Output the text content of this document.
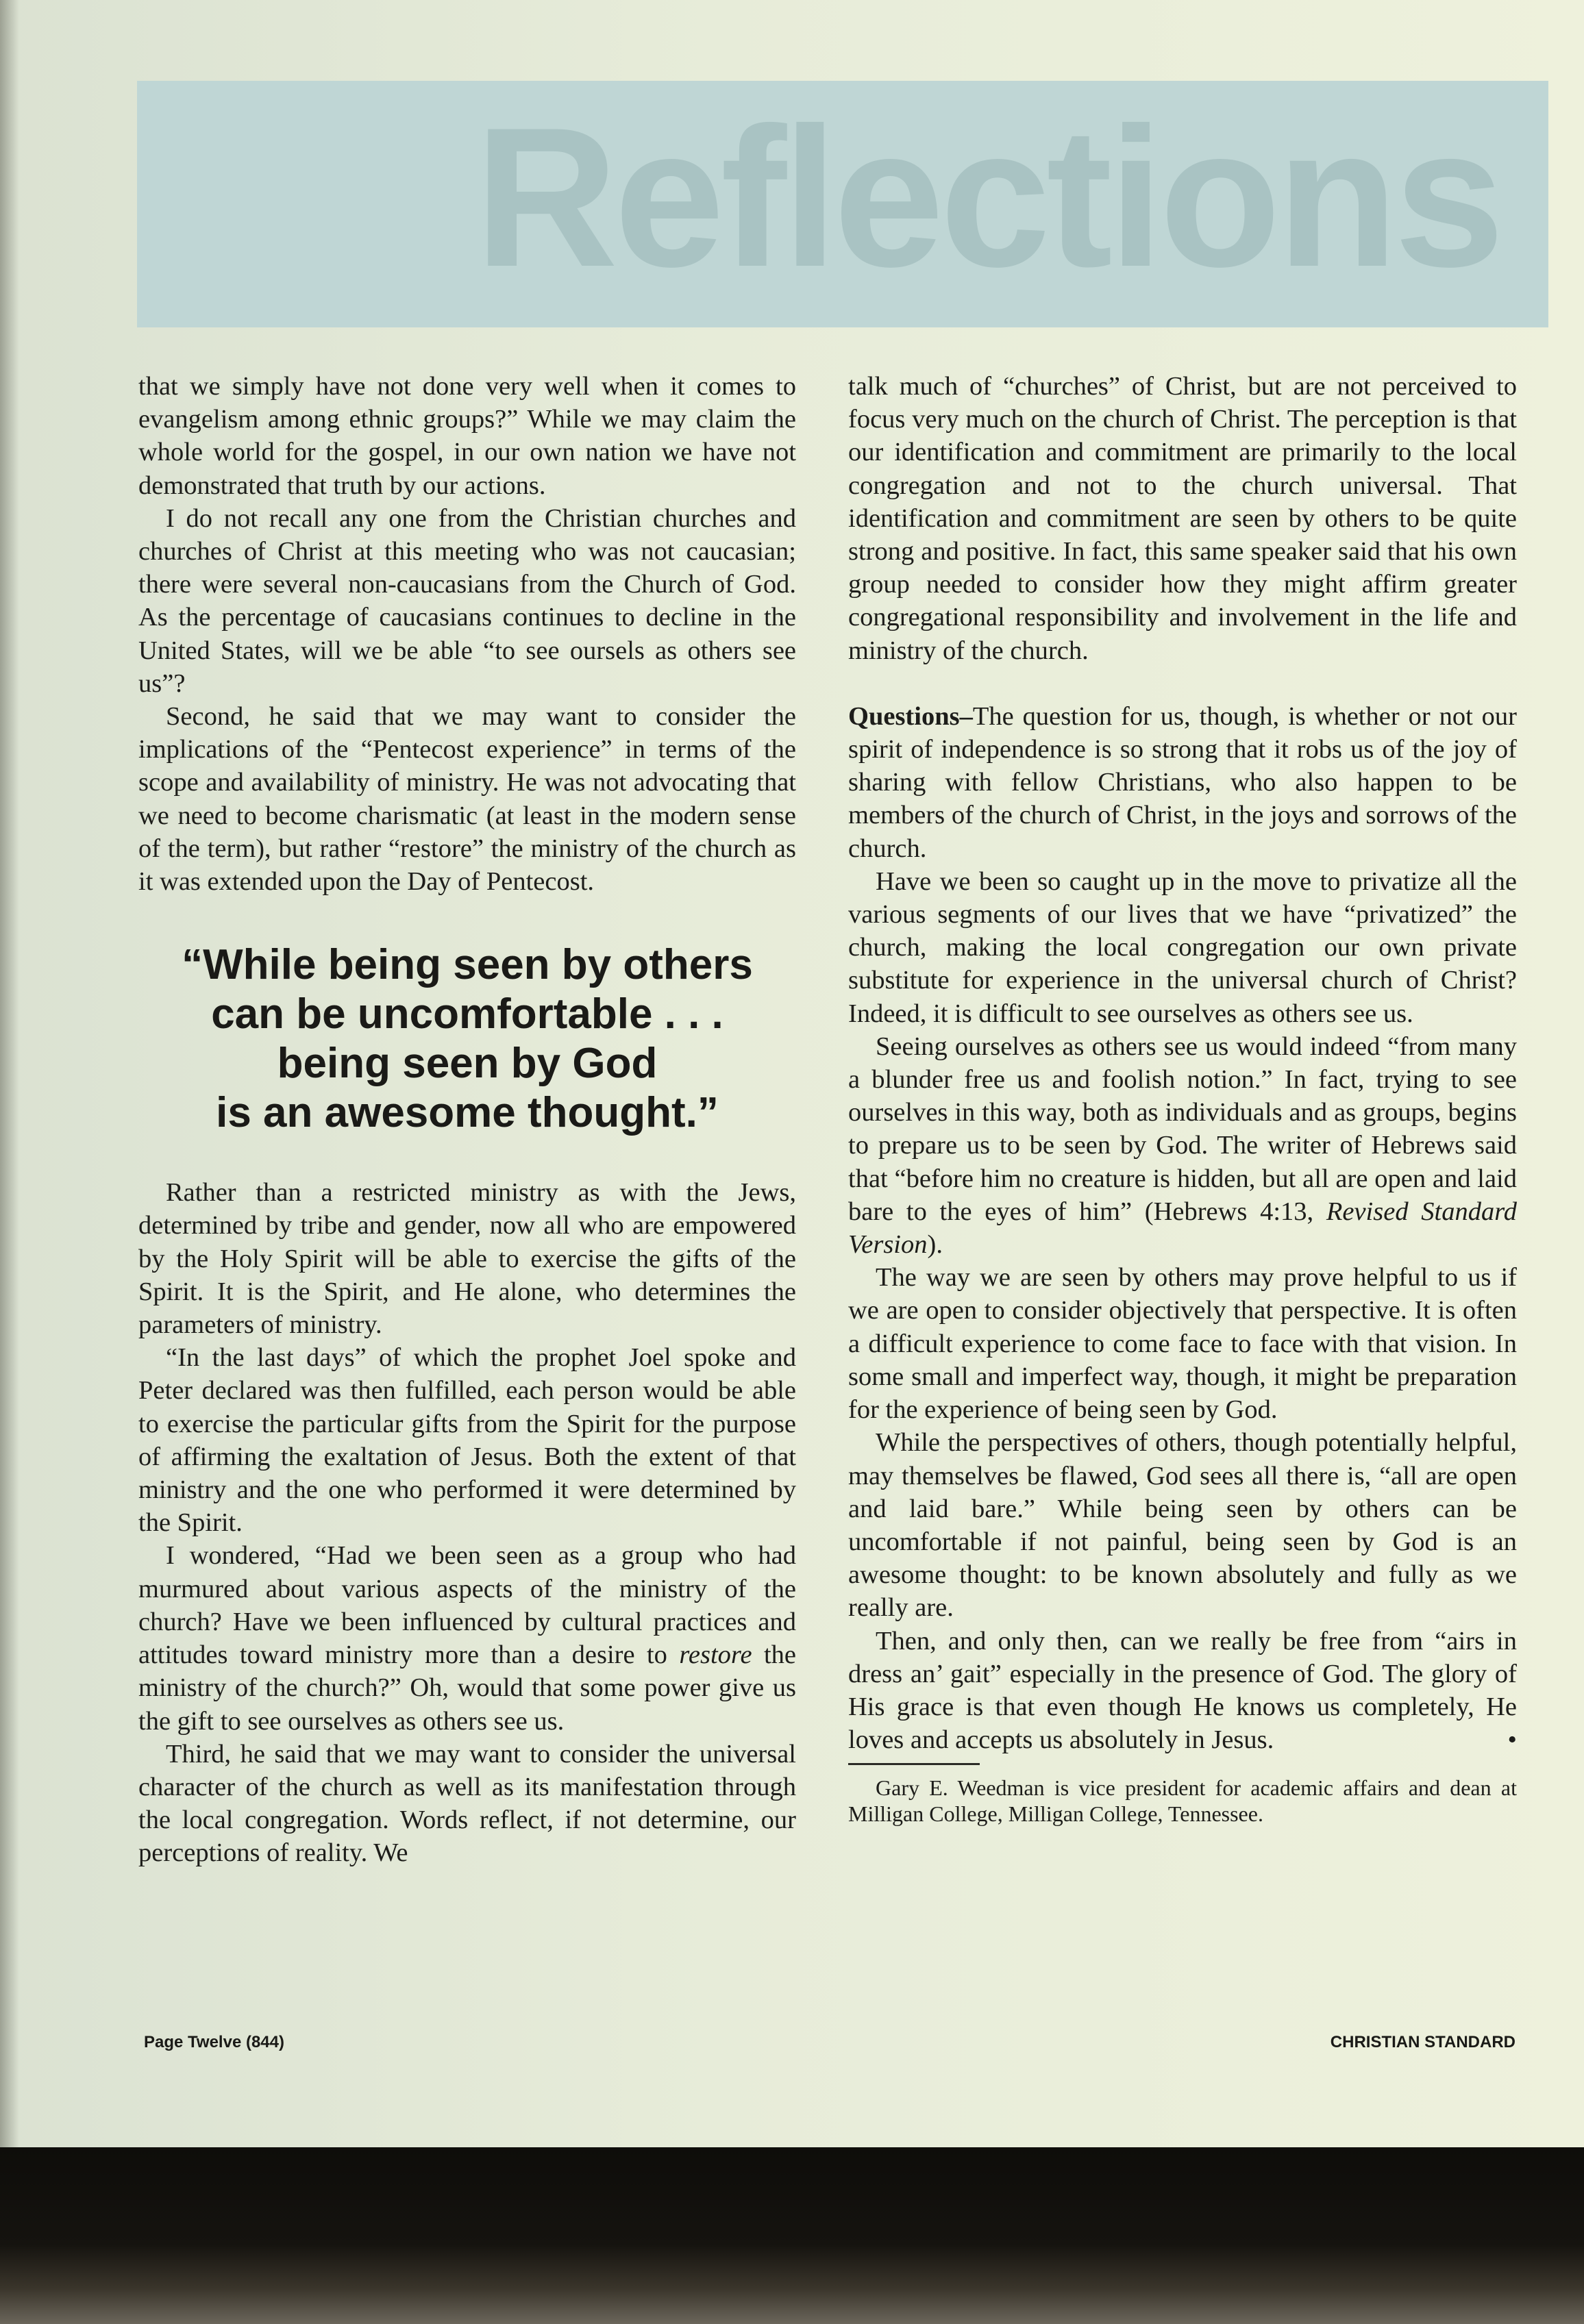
Reflections

that we simply have not done very well when it comes to evangelism among ethnic groups?” While we may claim the whole world for the gospel, in our own nation we have not demonstrated that truth by our actions.

I do not recall any one from the Christian churches and churches of Christ at this meeting who was not caucasian; there were several non-caucasians from the Church of God. As the percentage of caucasians continues to decline in the United States, will we be able “to see oursels as others see us”?

Second, he said that we may want to consider the implications of the “Pentecost experience” in terms of the scope and availability of ministry. He was not advocating that we need to become charismatic (at least in the modern sense of the term), but rather “restore” the ministry of the church as it was extended upon the Day of Pentecost.

“While being seen by others
can be uncomfortable . . .
being seen by God
is an awesome thought.”

Rather than a restricted ministry as with the Jews, determined by tribe and gender, now all who are empowered by the Holy Spirit will be able to exercise the gifts of the Spirit. It is the Spirit, and He alone, who determines the parameters of ministry.

“In the last days” of which the prophet Joel spoke and Peter declared was then fulfilled, each person would be able to exercise the particular gifts from the Spirit for the purpose of affirming the exaltation of Jesus. Both the extent of that ministry and the one who performed it were determined by the Spirit.

I wondered, “Had we been seen as a group who had murmured about various aspects of the ministry of the church? Have we been influenced by cultural practices and attitudes toward ministry more than a desire to restore the ministry of the church?” Oh, would that some power give us the gift to see ourselves as others see us.

Third, he said that we may want to consider the universal character of the church as well as its manifestation through the local congregation. Words reflect, if not determine, our perceptions of reality. We

talk much of “churches” of Christ, but are not perceived to focus very much on the church of Christ. The perception is that our identification and commitment are primarily to the local congregation and not to the church universal. That identification and commitment are seen by others to be quite strong and positive. In fact, this same speaker said that his own group needed to consider how they might affirm greater congregational responsibility and involvement in the life and ministry of the church.

Questions–The question for us, though, is whether or not our spirit of independence is so strong that it robs us of the joy of sharing with fellow Christians, who also happen to be members of the church of Christ, in the joys and sorrows of the church.

Have we been so caught up in the move to privatize all the various segments of our lives that we have “privatized” the church, making the local congregation our own private substitute for experience in the universal church of Christ? Indeed, it is difficult to see ourselves as others see us.

Seeing ourselves as others see us would indeed “from many a blunder free us and foolish notion.” In fact, trying to see ourselves in this way, both as individuals and as groups, begins to prepare us to be seen by God. The writer of Hebrews said that “before him no creature is hidden, but all are open and laid bare to the eyes of him” (Hebrews 4:13, Revised Standard Version).

The way we are seen by others may prove helpful to us if we are open to consider objectively that perspective. It is often a difficult experience to come face to face with that vision. In some small and imperfect way, though, it might be preparation for the experience of being seen by God.

While the perspectives of others, though potentially helpful, may themselves be flawed, God sees all there is, “all are open and laid bare.” While being seen by others can be uncomfortable if not painful, being seen by God is an awesome thought: to be known absolutely and fully as we really are.

Then, and only then, can we really be free from “airs in dress an’ gait” especially in the presence of God. The glory of His grace is that even though He knows us completely, He loves and accepts us absolutely in Jesus.	•

Gary E. Weedman is vice president for academic affairs and dean at Milligan College, Milligan College, Tennessee.

Page Twelve (844)	CHRISTIAN STANDARD
